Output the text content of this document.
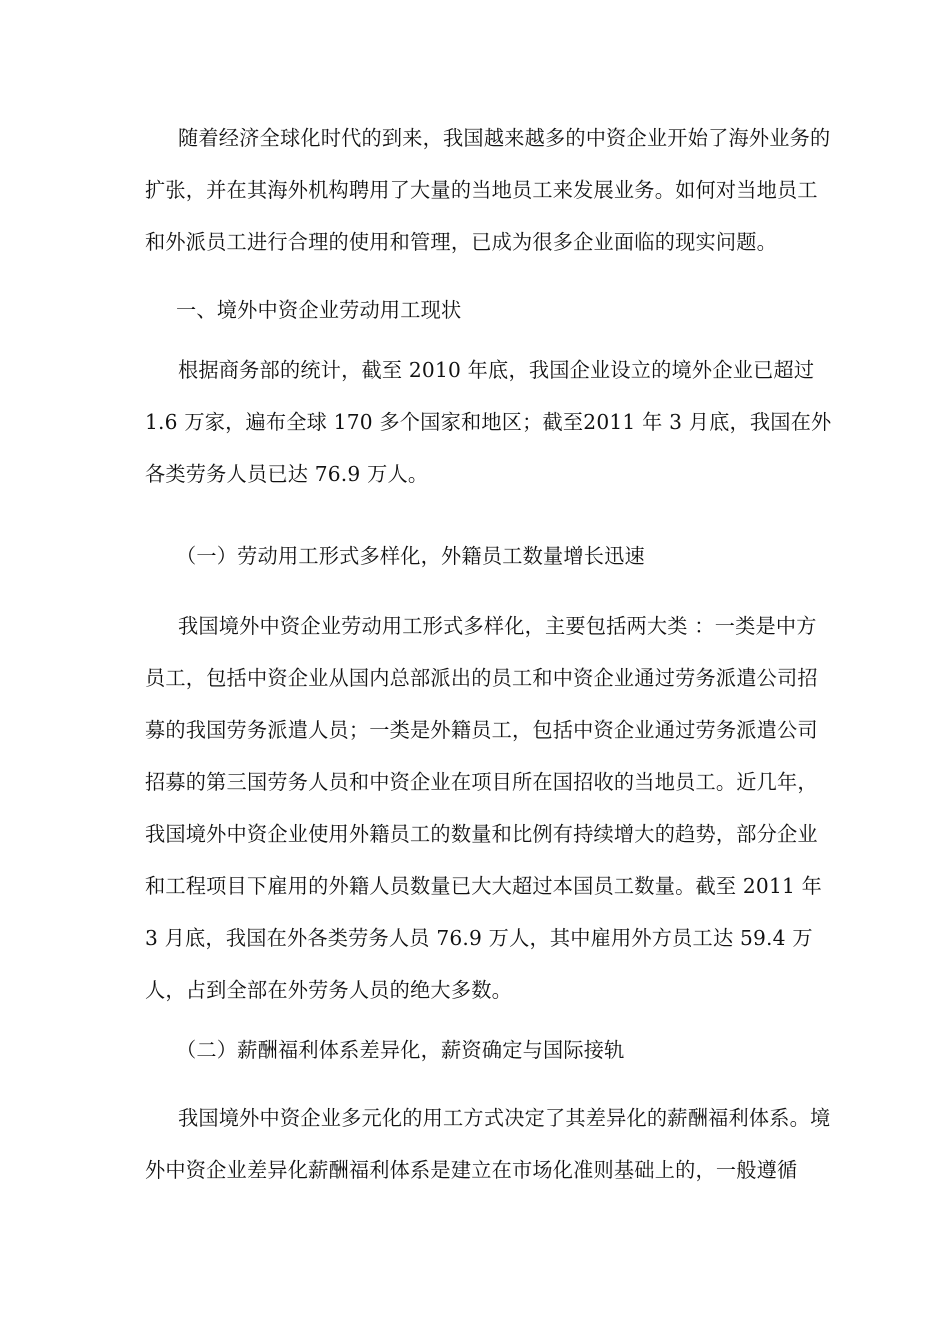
随着经济全球化时代的到来，我国越来越多的中资企业开始了海外业务的
扩张，并在其海外机构聘用了大量的当地员工来发展业务。如何对当地员工
和外派员工进行合理的使用和管理，已成为很多企业面临的现实问题。
一、境外中资企业劳动用工现状
根据商务部的统计，截至 2010 年底，我国企业设立的境外企业已超过
1.6 万家，遍布全球 170 多个国家和地区；截至2011 年 3 月底，我国在外
各类劳务人员已达 76.9 万人。
（一）劳动用工形式多样化，外籍员工数量增长迅速
我国境外中资企业劳动用工形式多样化，主要包括两大类 ：一类是中方
员工，包括中资企业从国内总部派出的员工和中资企业通过劳务派遣公司招
募的我国劳务派遣人员；一类是外籍员工，包括中资企业通过劳务派遣公司
招募的第三国劳务人员和中资企业在项目所在国招收的当地员工。近几年，
我国境外中资企业使用外籍员工的数量和比例有持续增大的趋势，部分企业
和工程项目下雇用的外籍人员数量已大大超过本国员工数量。截至 2011 年
3 月底，我国在外各类劳务人员 76.9 万人，其中雇用外方员工达 59.4 万
人，占到全部在外劳务人员的绝大多数。
（二）薪酬福利体系差异化，薪资确定与国际接轨
我国境外中资企业多元化的用工方式决定了其差异化的薪酬福利体系。境
外中资企业差异化薪酬福利体系是建立在市场化准则基础上的，一般遵循
